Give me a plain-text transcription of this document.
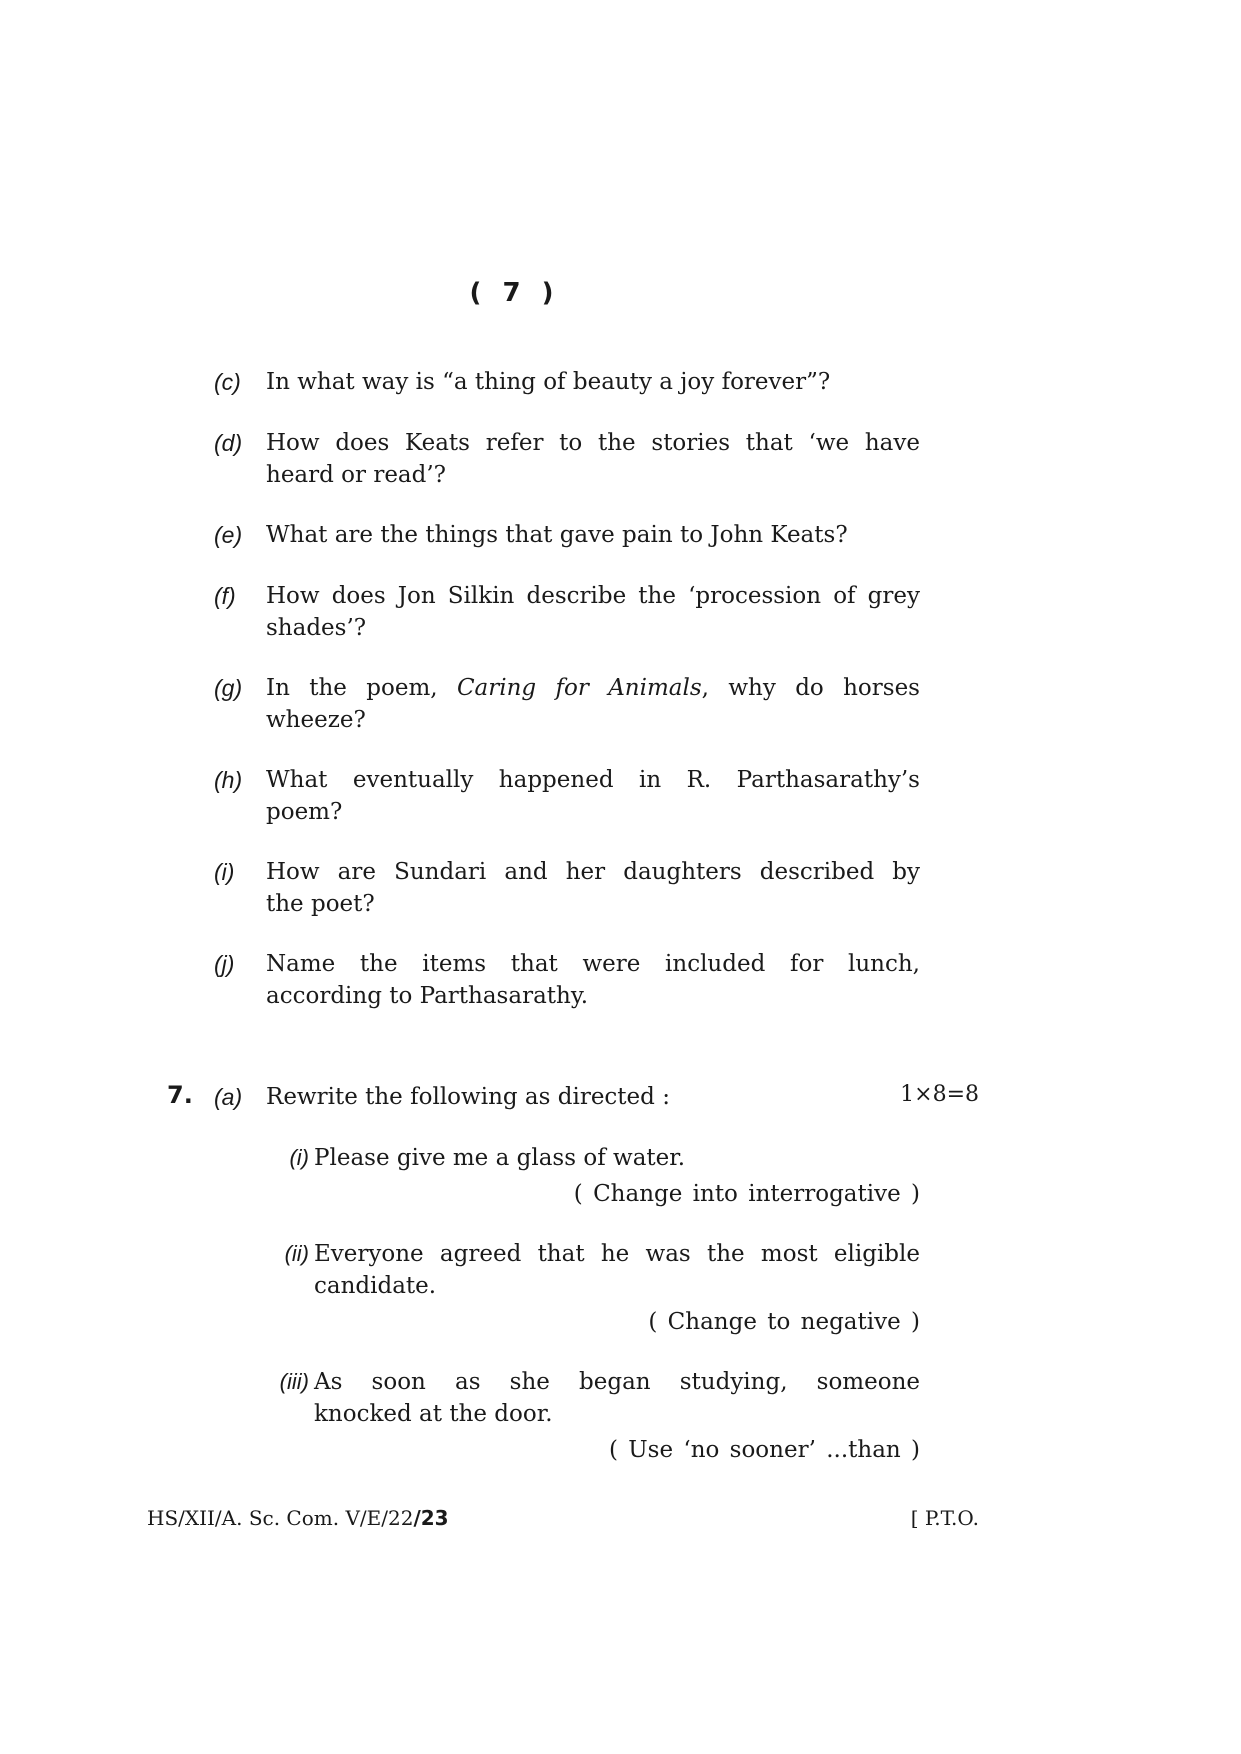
( 7 )
(c) In what way is “a thing of beauty a joy forever”?
(d) How does Keats refer to the stories that ‘we have
heard or read’?
(e) What are the things that gave pain to John Keats?
(f) How does Jon Silkin describe the ‘procession of grey
shades’?
(g) In the poem, Caring for Animals, why do horses
wheeze?
(h) What eventually happened in R. Parthasarathy’s
poem?
(i) How are Sundari and her daughters described by
the poet?
(j) Name the items that were included for lunch,
according to Parthasarathy.
7. (a) Rewrite the following as directed :	1×8=8
(i) Please give me a glass of water.
( Change into interrogative )
(ii) Everyone agreed that he was the most eligible
candidate.
( Change to negative )
(iii) As soon as she began studying, someone
knocked at the door.
( Use ‘no sooner’ ...than )
HS/XII/A. Sc. Com. V/E/22/23	[ P.T.O.
